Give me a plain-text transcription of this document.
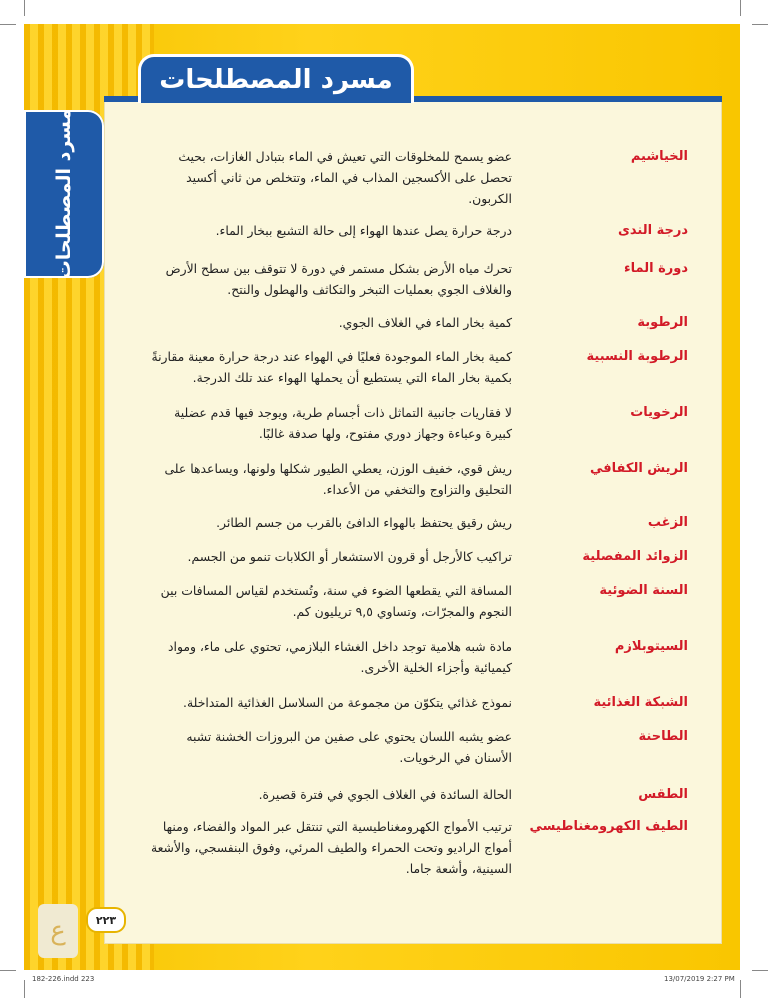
مسرد المصطلحات
مسرد المصطلحات	الخياشيم
عضو يسمح للمخلوقات التي تعيش في الماء بتبادل الغازات، بحيث تحصل على الأكسجين المذاب في الماء، وتتخلص من ثاني أكسيد الكربون.
درجة الندى
درجة حرارة يصل عندها الهواء إلى حالة التشبع ببخار الماء.
دورة الماء
تحرك مياه الأرض بشكل مستمر في دورة لا تتوقف بين سطح الأرض والغلاف الجوي بعمليات التبخر والتكاثف والهطول والنتح.
الرطوبة
كمية بخار الماء في الغلاف الجوي.
الرطوبة النسبية
كمية بخار الماء الموجودة فعليًا في الهواء عند درجة حرارة معينة مقارنةً بكمية بخار الماء التي يستطيع أن يحملها الهواء عند تلك الدرجة.
الرخويات
لا فقاريات جانبية التماثل ذات أجسام طرية، ويوجد فيها قدم عضلية كبيرة وعباءة وجهاز دوري مفتوح، ولها صدفة غالبًا.
الريش الكفافي
ريش قوي، خفيف الوزن، يعطي الطيور شكلها ولونها، ويساعدها على التحليق والتزاوج والتخفي من الأعداء.
الزغب
ريش رقيق يحتفظ بالهواء الدافئ بالقرب من جسم الطائر.
الزوائد المفصلية
تراكيب كالأرجل أو قرون الاستشعار أو الكلابات تنمو من الجسم.
السنة الضوئية
المسافة التي يقطعها الضوء في سنة، وتُستخدم لقياس المسافات بين النجوم والمجرّات، وتساوي ٩,٥ تريليون كم.
السيتوبلازم
مادة شبه هلامية توجد داخل الغشاء البلازمي، تحتوي على ماء، ومواد كيميائية وأجزاء الخلية الأخرى.
الشبكة الغذائية
نموذج غذائي يتكوّن من مجموعة من السلاسل الغذائية المتداخلة.
الطاحنة
عضو يشبه اللسان يحتوي على صفين من البروزات الخشنة تشبه الأسنان في الرخويات.
الطقس
الحالة السائدة في الغلاف الجوي في فترة قصيرة.
الطيف الكهرومغناطيسي
ترتيب الأمواج الكهرومغناطيسية التي تنتقل عبر المواد والفضاء، ومنها أمواج الراديو وتحت الحمراء والطيف المرئي، وفوق البنفسجي، والأشعة السينية، وأشعة جاما.
ع	٢٢٣
182-226.indd 223	13/07/2019 2:27 PM
